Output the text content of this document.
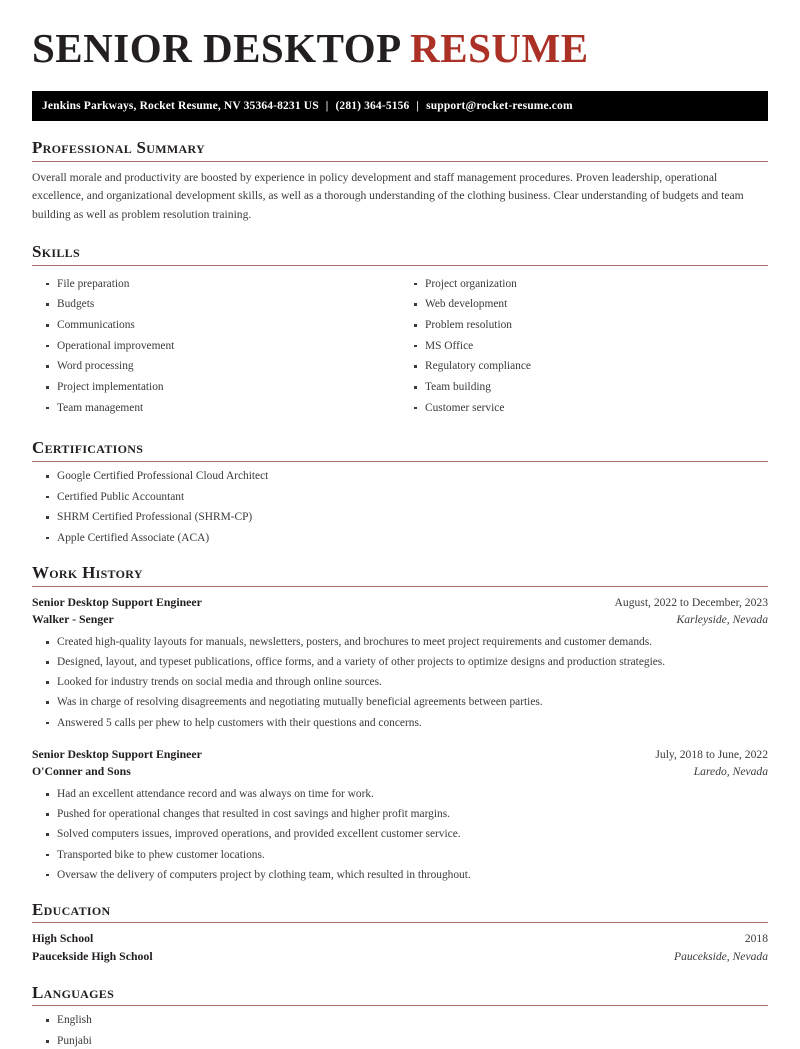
SENIOR DESKTOP RESUME
Jenkins Parkways, Rocket Resume, NV 35364-8231 US | (281) 364-5156 | support@rocket-resume.com
Professional Summary

Overall morale and productivity are boosted by experience in policy development and staff management procedures. Proven leadership, operational excellence, and organizational development skills, as well as a thorough understanding of the clothing business. Clear understanding of budgets and team building as well as problem resolution training.

Skills
File preparation
Budgets
Communications
Operational improvement
Word processing
Project implementation
Team management
Project organization
Web development
Problem resolution
MS Office
Regulatory compliance
Team building
Customer service
Certifications
Google Certified Professional Cloud Architect
Certified Public Accountant
SHRM Certified Professional (SHRM-CP)
Apple Certified Associate (ACA)
Work History
Senior Desktop Support Engineer	August, 2022 to December, 2023
Walker - Senger	Karleyside, Nevada
Created high-quality layouts for manuals, newsletters, posters, and brochures to meet project requirements and customer demands.
Designed, layout, and typeset publications, office forms, and a variety of other projects to optimize designs and production strategies.
Looked for industry trends on social media and through online sources.
Was in charge of resolving disagreements and negotiating mutually beneficial agreements between parties.
Answered 5 calls per phew to help customers with their questions and concerns.
Senior Desktop Support Engineer	July, 2018 to June, 2022
O'Conner and Sons	Laredo, Nevada
Had an excellent attendance record and was always on time for work.
Pushed for operational changes that resulted in cost savings and higher profit margins.
Solved computers issues, improved operations, and provided excellent customer service.
Transported bike to phew customer locations.
Oversaw the delivery of computers project by clothing team, which resulted in throughout.
Education
High School	2018
Paucekside High School	Paucekside, Nevada
Languages
English
Punjabi
